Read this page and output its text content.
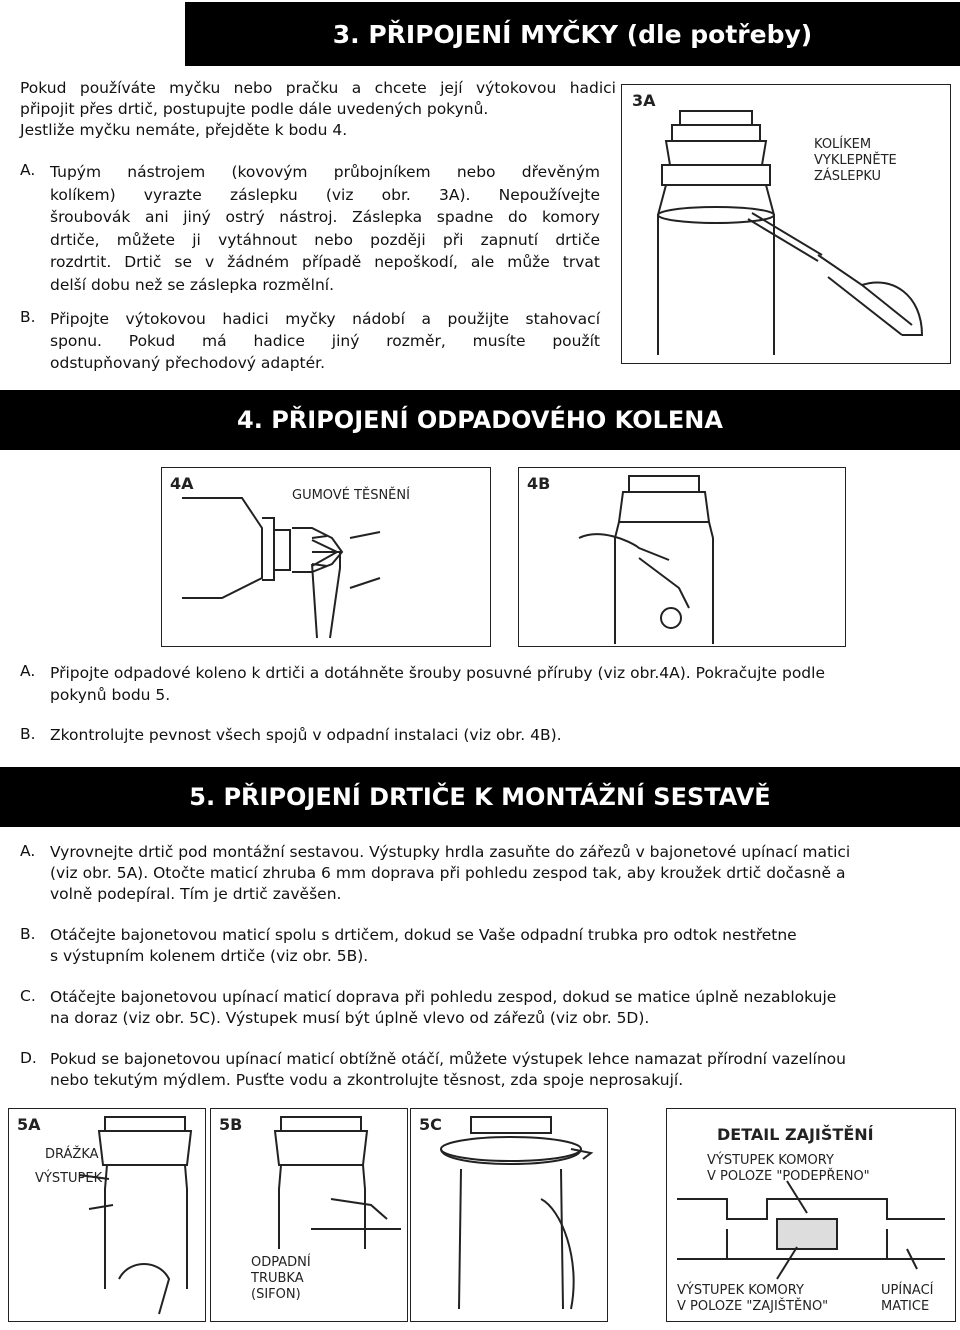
3. PŘIPOJENÍ MYČKY (dle potřeby)
Pokud používáte myčku nebo pračku a chcete její výtokovou hadici
připojit přes drtič, postupujte podle dále uvedených pokynů.
Jestliže myčku nemáte, přejděte k bodu 4.
A. Tupým nástrojem (kovovým průbojníkem nebo dřevěným
kolíkem) vyrazte záslepku (viz obr. 3A). Nepoužívejte
šroubovák ani jiný ostrý nástroj. Záslepka spadne do komory
drtiče, můžete ji vytáhnout nebo později při zapnutí drtiče
rozdrtit. Drtič se v žádném případě nepoškodí, ale může trvat
delší dobu než se záslepka rozmělní.
B. Připojte výtokovou hadici myčky nádobí a použijte stahovací
sponu. Pokud má hadice jiný rozměr, musíte použít
odstupňovaný přechodový adaptér.
3A
KOLÍKEM
VYKLEPNĚTE
ZÁSLEPKU
4. PŘIPOJENÍ ODPADOVÉHO KOLENA
4A
GUMOVÉ TĚSNĚNÍ
4B
A. Připojte odpadové koleno k drtiči a dotáhněte šrouby posuvné příruby (viz obr.4A). Pokračujte podle
pokynů bodu 5.
B. Zkontrolujte pevnost všech spojů v odpadní instalaci (viz obr. 4B).
5. PŘIPOJENÍ DRTIČE K MONTÁŽNÍ SESTAVĚ
A. Vyrovnejte drtič pod montážní sestavou. Výstupky hrdla zasuňte do zářezů v bajonetové upínací matici
(viz obr. 5A). Otočte maticí zhruba 6 mm doprava při pohledu zespod tak, aby kroužek drtič dočasně a
volně podepíral. Tím je drtič zavěšen.
B. Otáčejte bajonetovou maticí spolu s drtičem, dokud se Vaše odpadní trubka pro odtok nestřetne
s výstupním kolenem drtiče (viz obr. 5B).
C. Otáčejte bajonetovou upínací maticí doprava při pohledu zespod, dokud se matice úplně nezablokuje
na doraz (viz obr. 5C). Výstupek musí být úplně vlevo od zářezů (viz obr. 5D).
D. Pokud se bajonetovou upínací maticí obtížně otáčí, můžete výstupek lehce namazat přírodní vazelínou
nebo tekutým mýdlem. Pusťte vodu a zkontrolujte těsnost, zda spoje neprosakují.
5A
DRÁŽKA
VÝSTUPEK
5B
ODPADNÍ
TRUBKA
(SIFON)
5C
DETAIL ZAJIŠTĚNÍ
VÝSTUPEK KOMORY
V POLOZE "PODEPŘENO"
VÝSTUPEK KOMORY
V POLOZE "ZAJIŠTĚNO"
UPÍNACÍ
MATICE
